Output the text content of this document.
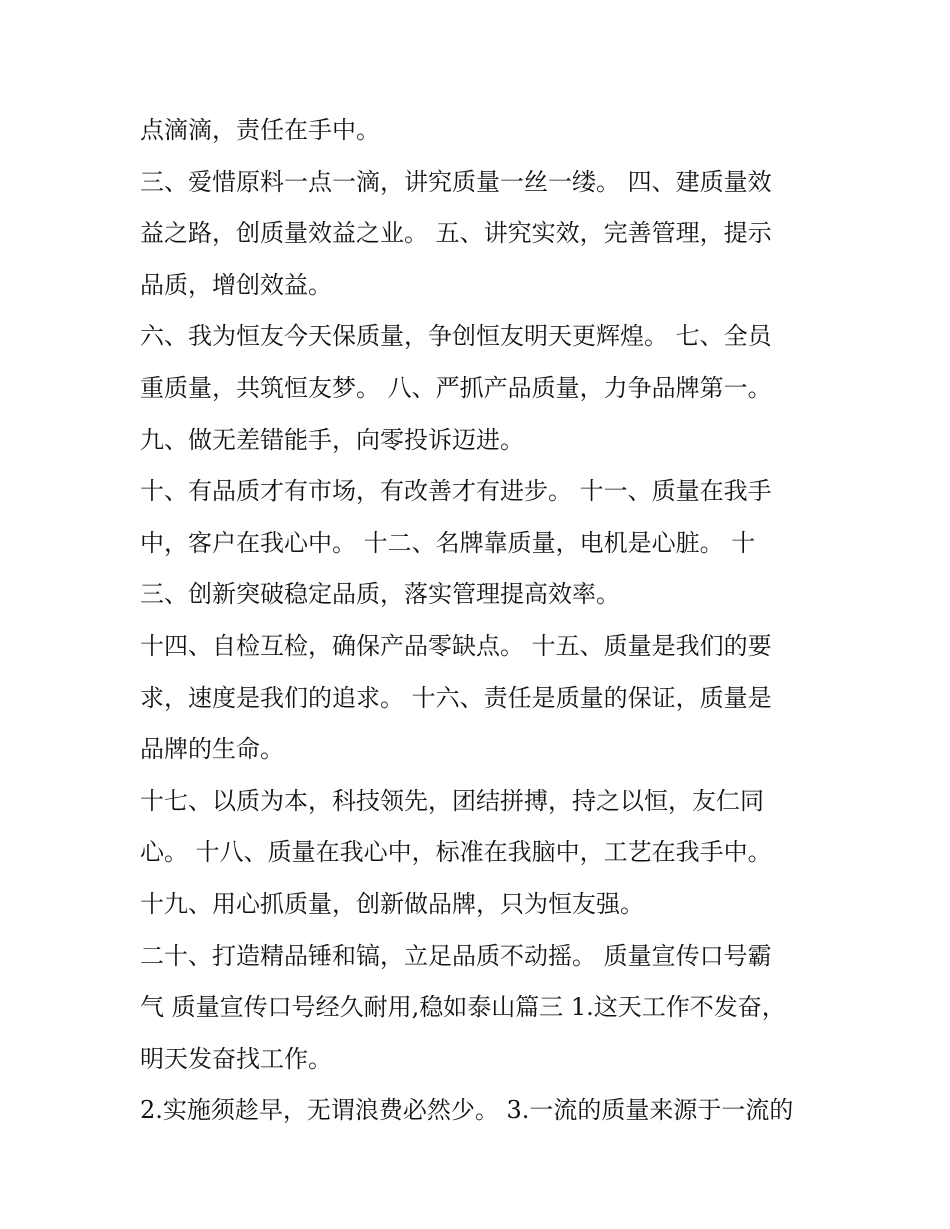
点滴滴，责任在手中。
三、爱惜原料一点一滴，讲究质量一丝一缕。 四、建质量效
益之路，创质量效益之业。 五、讲究实效，完善管理，提示
品质，增创效益。
六、我为恒友今天保质量，争创恒友明天更辉煌。 七、全员
重质量，共筑恒友梦。 八、严抓产品质量，力争品牌第一。
九、做无差错能手，向零投诉迈进。
十、有品质才有市场，有改善才有进步。 十一、质量在我手
中，客户在我心中。 十二、名牌靠质量，电机是心脏。 十
三、创新突破稳定品质，落实管理提高效率。
十四、自检互检，确保产品零缺点。 十五、质量是我们的要
求，速度是我们的追求。 十六、责任是质量的保证，质量是
品牌的生命。
十七、以质为本，科技领先，团结拼搏，持之以恒，友仁同
心。 十八、质量在我心中，标准在我脑中，工艺在我手中。
十九、用心抓质量，创新做品牌，只为恒友强。
二十、打造精品锤和镐，立足品质不动摇。 质量宣传口号霸
气 质量宣传口号经久耐用,稳如泰山篇三 1.这天工作不发奋，
明天发奋找工作。
2.实施须趁早，无谓浪费必然少。 3.一流的质量来源于一流的
